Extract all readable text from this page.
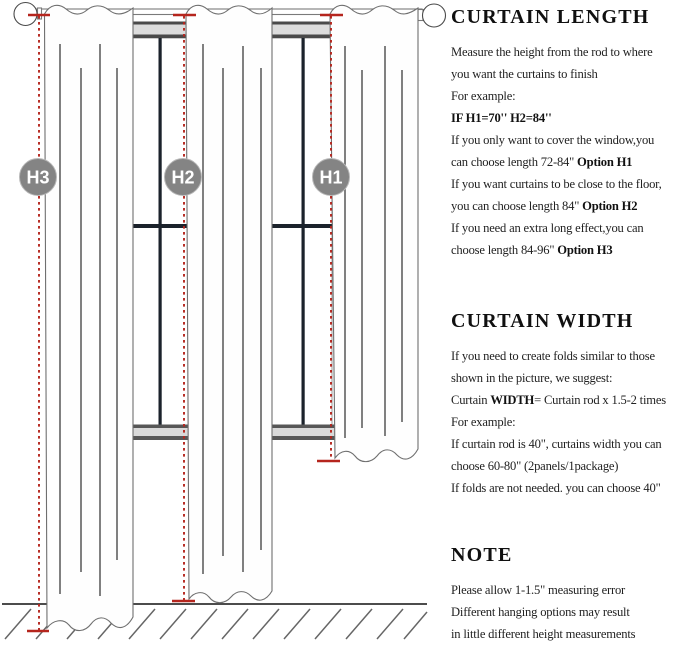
H3	H2	H1
CURTAIN LENGTH
Measure the height from the rod to where
you want the curtains to finish
For example:
IF H1=70'' H2=84''
If you only want to cover the window,you
can choose length 72-84" Option H1
If you want curtains to be close to the floor,
you can choose length 84" Option H2
If you need an extra long effect,you can
choose length 84-96" Option H3
CURTAIN WIDTH
If you need to create folds similar to those
shown in the picture, we suggest:
Curtain WIDTH= Curtain rod x 1.5-2 times
For example:
If curtain rod is 40", curtains width you can
choose 60-80" (2panels/1package)
If folds are not needed. you can choose 40"
NOTE
Please allow 1-1.5" measuring error
Different hanging options may result
in little different height measurements
